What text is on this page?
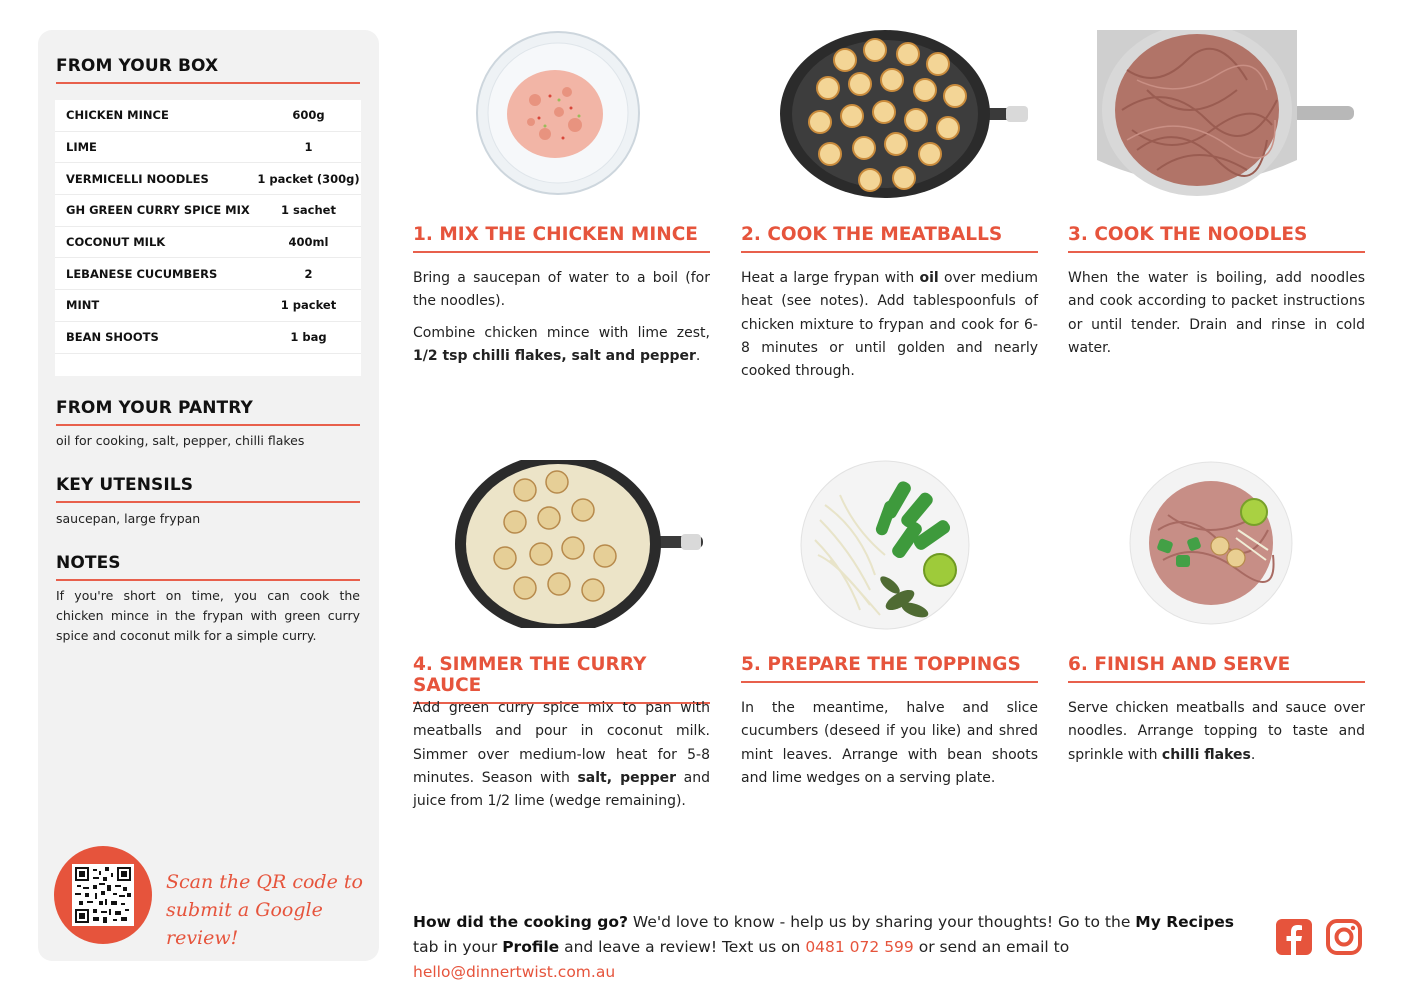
FROM YOUR BOX
CHICKEN MINCE	600g
LIME	1
VERMICELLI NOODLES	1 packet (300g)
GH GREEN CURRY SPICE MIX	1 sachet
COCONUT MILK	400ml
LEBANESE CUCUMBERS	2
MINT	1 packet
BEAN SHOOTS	1 bag
FROM YOUR PANTRY
oil for cooking, salt, pepper, chilli flakes
KEY UTENSILS
saucepan, large frypan
NOTES
If you're short on time, you can cook the chicken mince in the frypan with green curry spice and coconut milk for a simple curry.
Scan the QR code to
submit a Google review!
1. MIX THE CHICKEN MINCE

Bring a saucepan of water to a boil (for the noodles).

Combine chicken mince with lime zest, 1/2 tsp chilli flakes, salt and pepper.

2. COOK THE MEATBALLS

Heat a large frypan with oil over medium heat (see notes). Add tablespoonfuls of chicken mixture to frypan and cook for 6-8 minutes or until golden and nearly cooked through.

3. COOK THE NOODLES

When the water is boiling, add noodles and cook according to packet instructions or until tender. Drain and rinse in cold water.

4. SIMMER THE CURRY SAUCE

Add green curry spice mix to pan with meatballs and pour in coconut milk. Simmer over medium-low heat for 5-8 minutes. Season with salt, pepper and juice from 1/2 lime (wedge remaining).

5. PREPARE THE TOPPINGS

In the meantime, halve and slice cucumbers (deseed if you like) and shred mint leaves. Arrange with bean shoots and lime wedges on a serving plate.

6. FINISH AND SERVE

Serve chicken meatballs and sauce over noodles. Arrange topping to taste and sprinkle with chilli flakes.

How did the cooking go? We'd love to know - help us by sharing your thoughts! Go to the My Recipes tab in your Profile and leave a review! Text us on 0481 072 599 or send an email to hello@dinnertwist.com.au
